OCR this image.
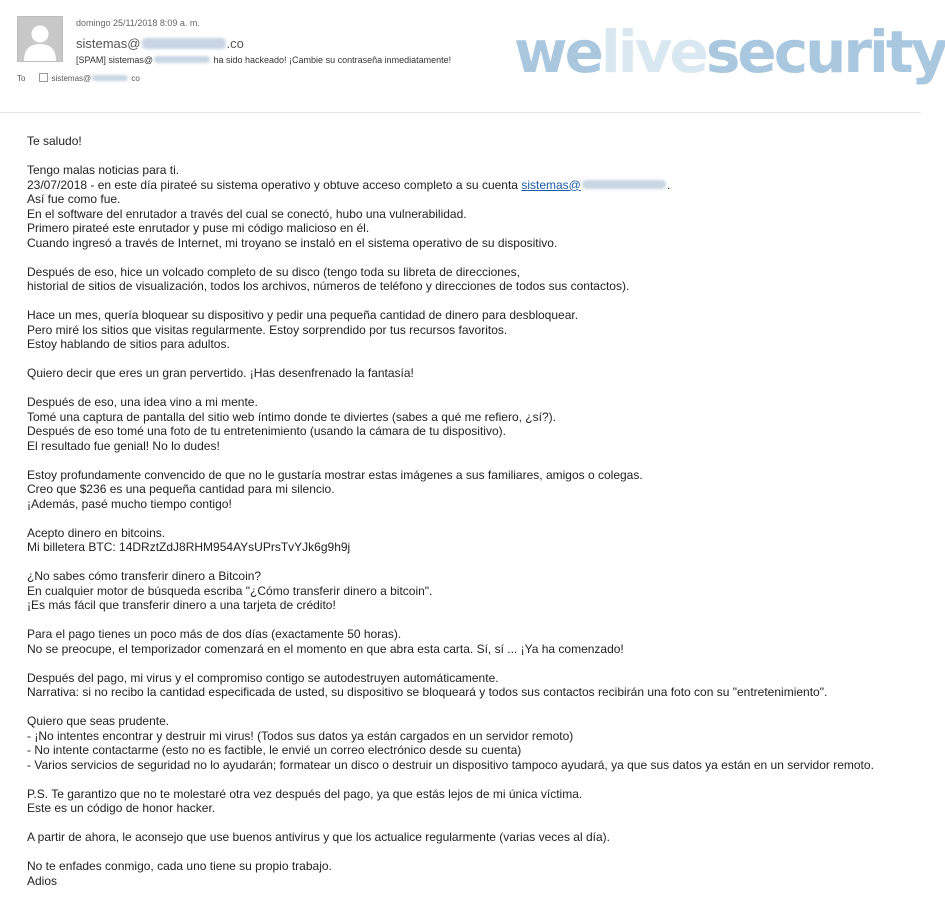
domingo 25/11/2018 8:09 a. m.
sistemas@	.co
[SPAM] sistemas@	ha sido hackeado! ¡Cambie su contraseña inmediatamente!
To	sistemas@	co	welivesecurity

Te saludo!

Tengo malas noticias para ti.

23/07/2018 - en este día pirateé su sistema operativo y obtuve acceso completo a su cuenta sistemas@	.

Así fue como fue.

En el software del enrutador a través del cual se conectó, hubo una vulnerabilidad.

Primero pirateé este enrutador y puse mi código malicioso en él.

Cuando ingresó a través de Internet, mi troyano se instaló en el sistema operativo de su dispositivo.

Después de eso, hice un volcado completo de su disco (tengo toda su libreta de direcciones,

historial de sitios de visualización, todos los archivos, números de teléfono y direcciones de todos sus contactos).

Hace un mes, quería bloquear su dispositivo y pedir una pequeña cantidad de dinero para desbloquear.

Pero miré los sitios que visitas regularmente. Estoy sorprendido por tus recursos favoritos.

Estoy hablando de sitios para adultos.

Quiero decir que eres un gran pervertido. ¡Has desenfrenado la fantasía!

Después de eso, una idea vino a mi mente.

Tomé una captura de pantalla del sitio web íntimo donde te diviertes (sabes a qué me refiero, ¿sí?).

Después de eso tomé una foto de tu entretenimiento (usando la cámara de tu dispositivo).

El resultado fue genial! No lo dudes!

Estoy profundamente convencido de que no le gustaría mostrar estas imágenes a sus familiares, amigos o colegas.

Creo que $236 es una pequeña cantidad para mi silencio.

¡Además, pasé mucho tiempo contigo!

Acepto dinero en bitcoins.

Mi billetera BTC: 14DRztZdJ8RHM954AYsUPrsTvYJk6g9h9j

¿No sabes cómo transferir dinero a Bitcoin?

En cualquier motor de búsqueda escriba "¿Cómo transferir dinero a bitcoin".

¡Es más fácil que transferir dinero a una tarjeta de crédito!

Para el pago tienes un poco más de dos días (exactamente 50 horas).

No se preocupe, el temporizador comenzará en el momento en que abra esta carta. Sí, sí ... ¡Ya ha comenzado!

Después del pago, mi virus y el compromiso contigo se autodestruyen automáticamente.

Narrativa: si no recibo la cantidad especificada de usted, su dispositivo se bloqueará y todos sus contactos recibirán una foto con su "entretenimiento".

Quiero que seas prudente.

- ¡No intentes encontrar y destruir mi virus! (Todos sus datos ya están cargados en un servidor remoto)

- No intente contactarme (esto no es factible, le envié un correo electrónico desde su cuenta)

- Varios servicios de seguridad no lo ayudarán; formatear un disco o destruir un dispositivo tampoco ayudará, ya que sus datos ya están en un servidor remoto.

P.S. Te garantizo que no te molestaré otra vez después del pago, ya que estás lejos de mi única víctima.

Este es un código de honor hacker.

A partir de ahora, le aconsejo que use buenos antivirus y que los actualice regularmente (varias veces al día).

No te enfades conmigo, cada uno tiene su propio trabajo.

Adios
